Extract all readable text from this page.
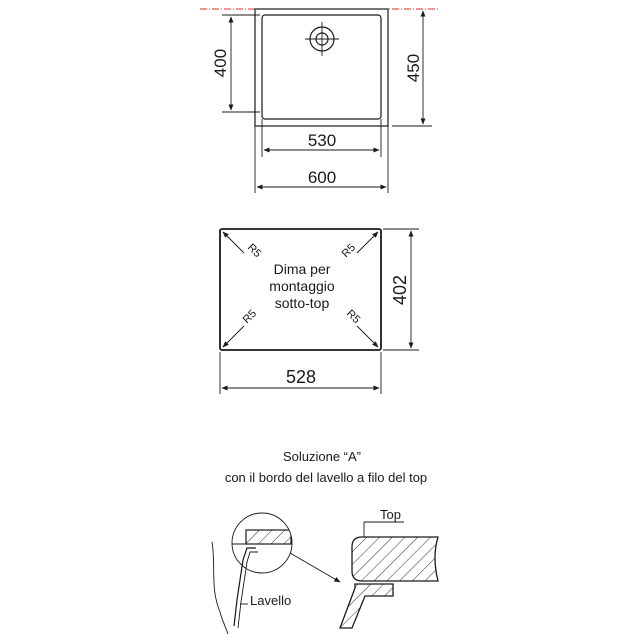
400	450
530
600
R5	R5
R5	R5
Dima per
montaggio
sotto-top	402
528
Soluzione “A”
con il bordo del lavello a filo del top
Lavello
Top
